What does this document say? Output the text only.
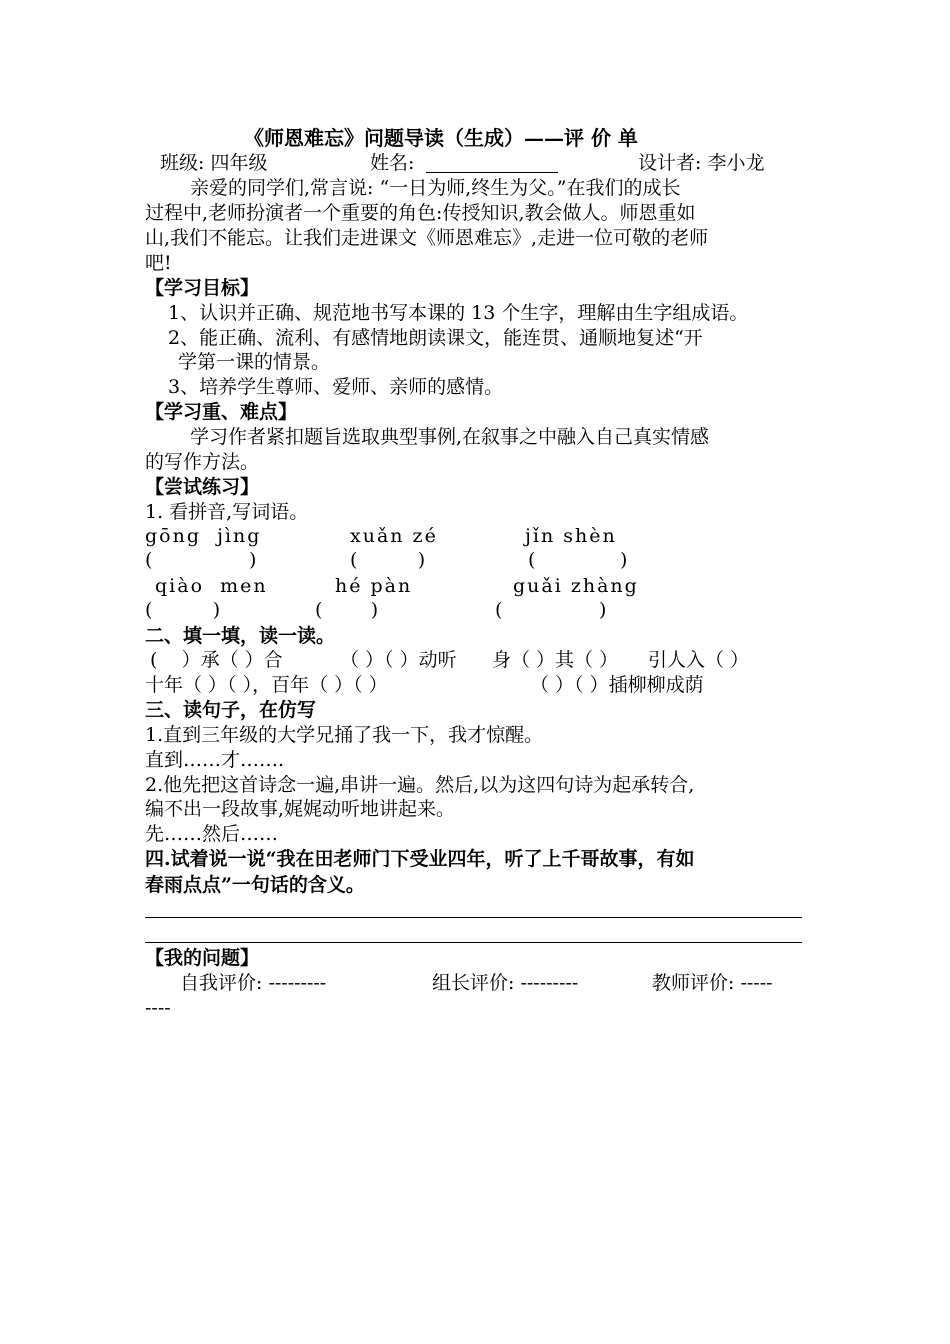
《师恩难忘》问题导读（生成）——评 价 单
班级: 四年级	姓名:	设计者: 李小龙
亲爱的同学们,常言说: “一日为师,终生为父。”在我们的成长
过程中,老师扮演者一个重要的角色:传授知识,教会做人。师恩重如
山,我们不能忘。让我们走进课文《师恩难忘》,走进一位可敬的老师
吧!
【学习目标】
1、认识并正确、规范地书写本课的 13 个生字，理解由生字组成语。
2、能正确、流利、有感情地朗读课文，能连贯、通顺地复述“开
学第一课的情景。
3、培养学生尊师、爱师、亲师的感情。
【学习重、难点】
学习作者紧扣题旨选取典型事例,在叙事之中融入自己真实情感
的写作方法。
【尝试练习】
1. 看拼音,写词语。
gōng  jìng	xuǎn zé	jǐn shèn
(                )	(          )	(              )
qiào  men	hé pàn	guǎi zhàng
(          )	(        )	(                )
二、填一填，读一读。
(    ）承（ ）合	（ ）（ ）动听 身（ ）其（ ） 引人入（ ）
十年（ ）（ ），百年（ ）（ ）	（ ）（ ）插柳柳成荫
三、读句子，在仿写
1.直到三年级的大学兄捅了我一下，我才惊醒。
直到……才…….
2.他先把这首诗念一遍,串讲一遍。然后,以为这四句诗为起承转合,
编不出一段故事,娓娓动听地讲起来。
先……然后……
四.试着说一说“我在田老师门下受业四年，听了上千哥故事，有如
春雨点点”一句话的含义。
【我的问题】
自我评价: ---------	组长评价: ---------	教师评价: -----
----
